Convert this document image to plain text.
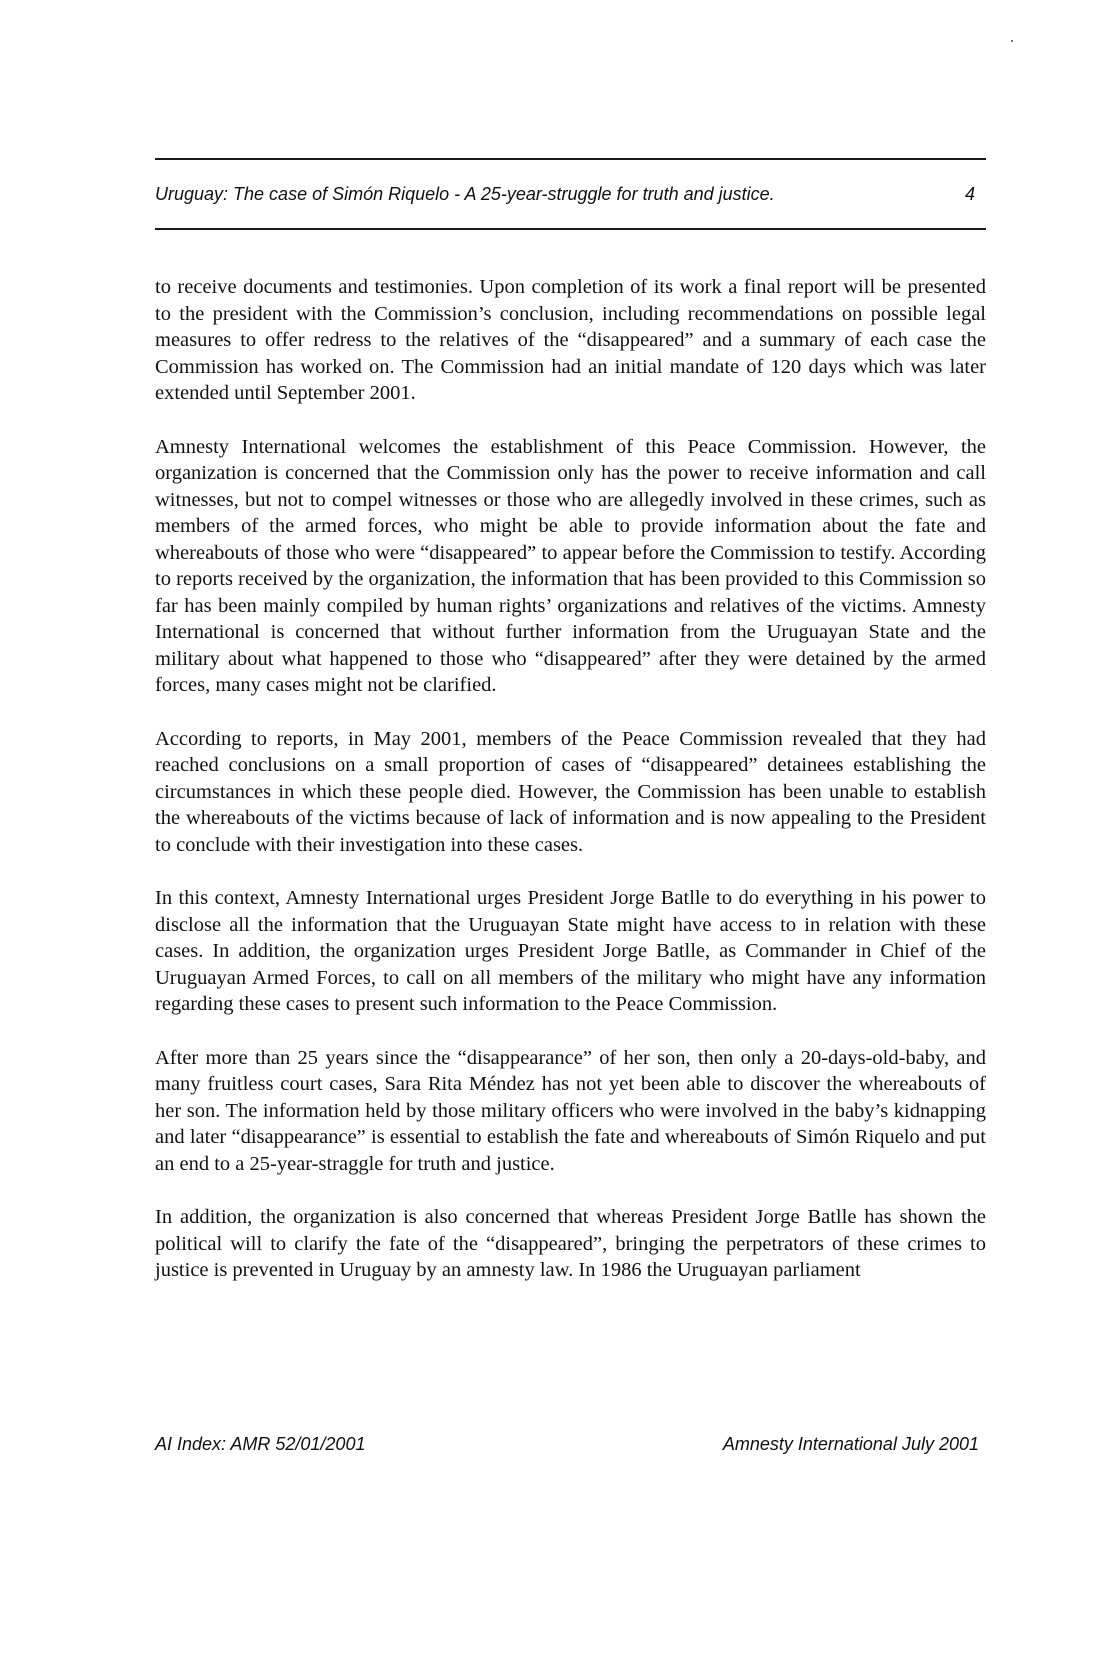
Uruguay: The case of Simón Riquelo - A 25-year-struggle for truth and justice.	4

to receive documents and testimonies. Upon completion of its work a final report will be presented to the president with the Commission’s conclusion, including recommendations on possible legal measures to offer redress to the relatives of the “disappeared” and a summary of each case the Commission has worked on. The Commission had an initial mandate of 120 days which was later extended until September 2001.

Amnesty International welcomes the establishment of this Peace Commission. However, the organization is concerned that the Commission only has the power to receive information and call witnesses, but not to compel witnesses or those who are allegedly involved in these crimes, such as members of the armed forces, who might be able to provide information about the fate and whereabouts of those who were “disappeared” to appear before the Commission to testify. According to reports received by the organization, the information that has been provided to this Commission so far has been mainly compiled by human rights’ organizations and relatives of the victims. Amnesty International is concerned that without further information from the Uruguayan State and the military about what happened to those who “disappeared” after they were detained by the armed forces, many cases might not be clarified.

According to reports, in May 2001, members of the Peace Commission revealed that they had reached conclusions on a small proportion of cases of “disappeared” detainees establishing the circumstances in which these people died. However, the Commission has been unable to establish the whereabouts of the victims because of lack of information and is now appealing to the President to conclude with their investigation into these cases.

In this context, Amnesty International urges President Jorge Batlle to do everything in his power to disclose all the information that the Uruguayan State might have access to in relation with these cases. In addition, the organization urges President Jorge Batlle, as Commander in Chief of the Uruguayan Armed Forces, to call on all members of the military who might have any information regarding these cases to present such information to the Peace Commission.

After more than 25 years since the “disappearance” of her son, then only a 20-days-old-baby, and many fruitless court cases, Sara Rita Méndez has not yet been able to discover the whereabouts of her son. The information held by those military officers who were involved in the baby’s kidnapping and later “disappearance” is essential to establish the fate and whereabouts of Simón Riquelo and put an end to a 25-year-straggle for truth and justice.

In addition, the organization is also concerned that whereas President Jorge Batlle has shown the political will to clarify the fate of the “disappeared”, bringing the perpetrators of these crimes to justice is prevented in Uruguay by an amnesty law. In 1986 the Uruguayan parliament

AI Index: AMR 52/01/2001	Amnesty International July 2001
